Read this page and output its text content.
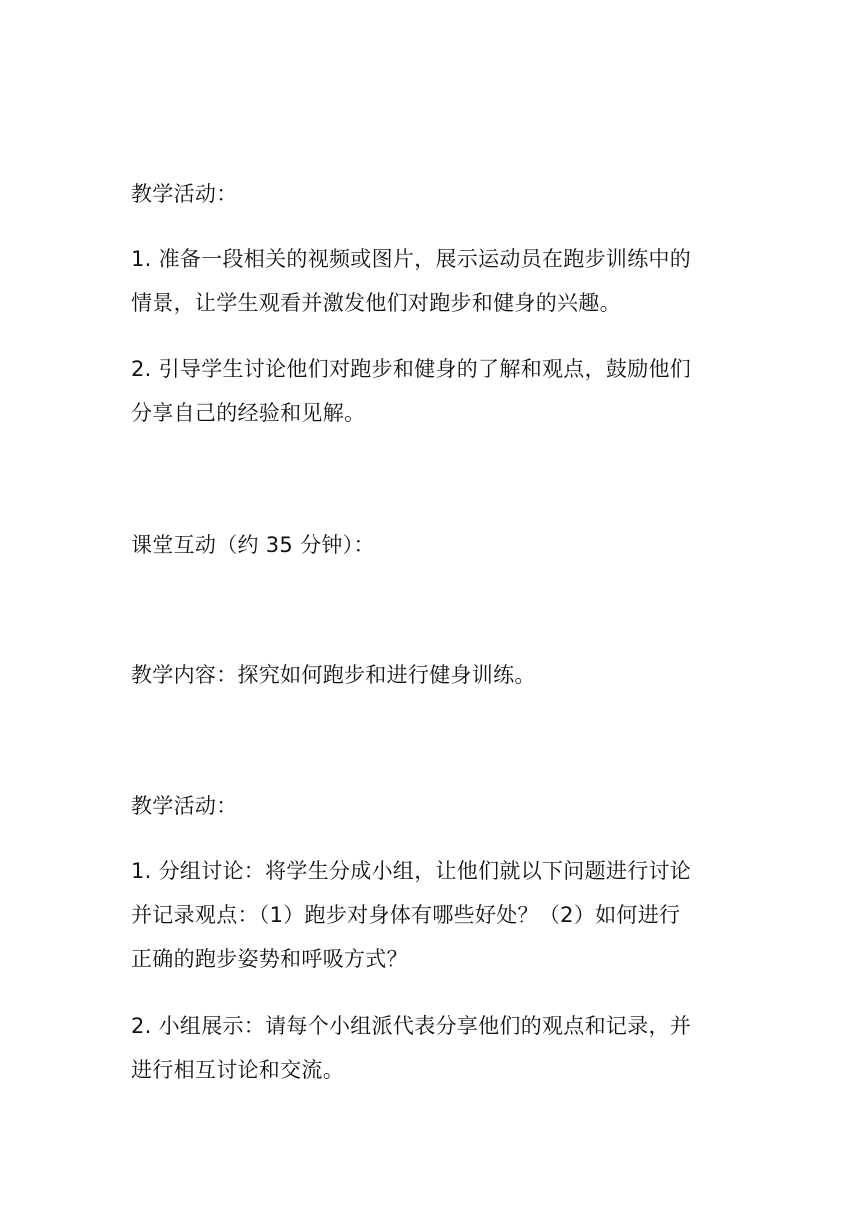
教学活动：
1. 准备一段相关的视频或图片，展示运动员在跑步训练中的
情景，让学生观看并激发他们对跑步和健身的兴趣。
2. 引导学生讨论他们对跑步和健身的了解和观点，鼓励他们
分享自己的经验和见解。
课堂互动（约 35 分钟）：
教学内容：探究如何跑步和进行健身训练。
教学活动：
1. 分组讨论：将学生分成小组，让他们就以下问题进行讨论
并记录观点：（1）跑步对身体有哪些好处？（2）如何进行
正确的跑步姿势和呼吸方式？
2. 小组展示：请每个小组派代表分享他们的观点和记录，并
进行相互讨论和交流。
